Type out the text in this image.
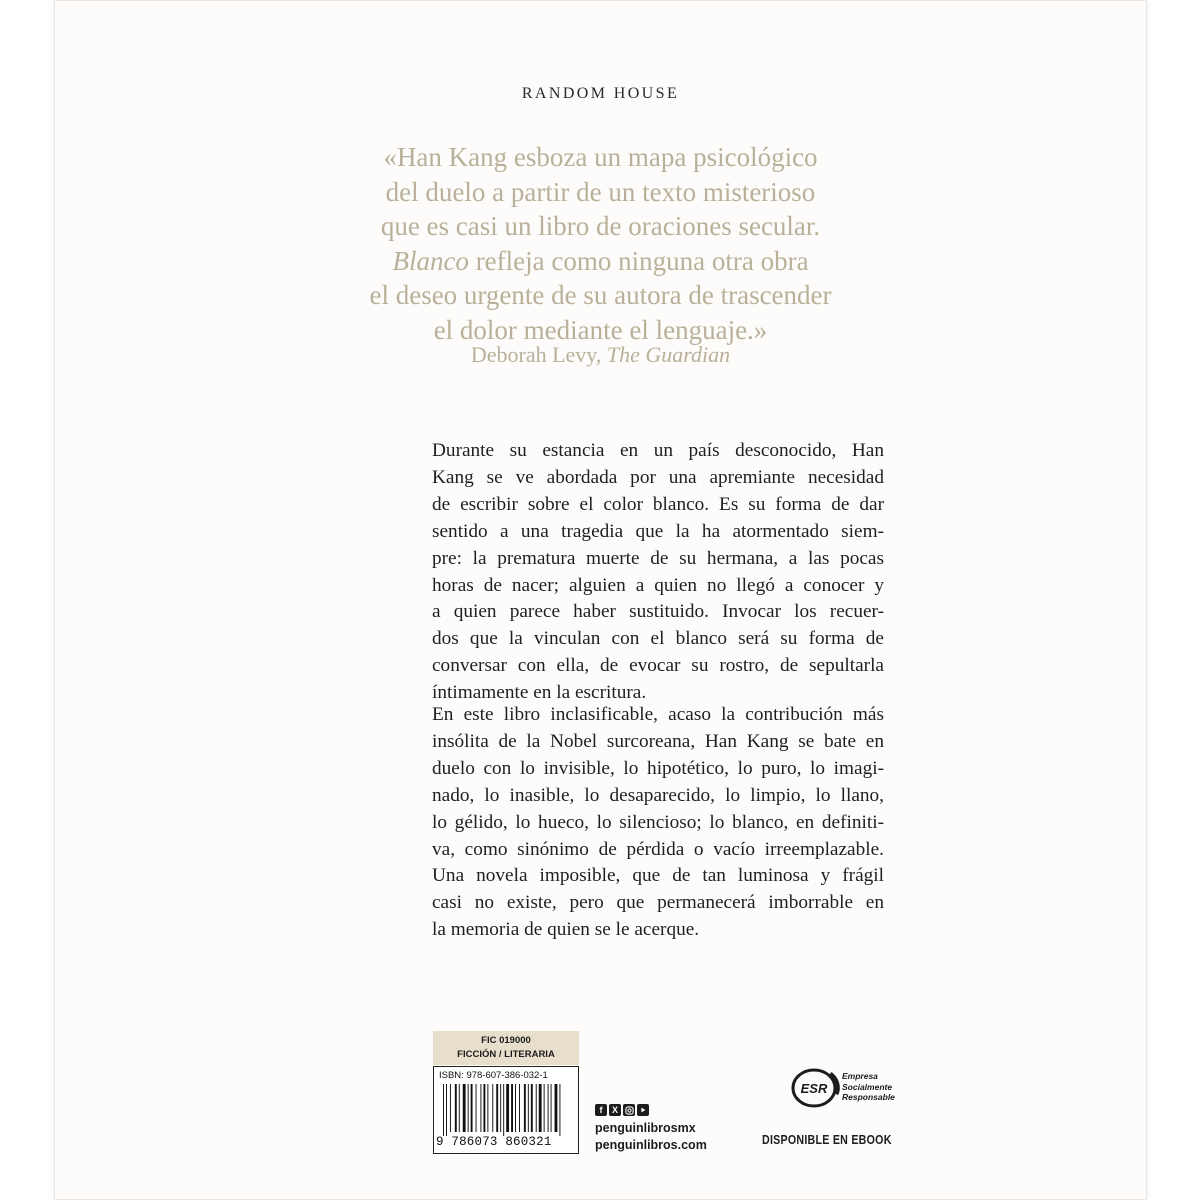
RANDOM HOUSE
«Han Kang esboza un mapa psicológico
del duelo a partir de un texto misterioso
que es casi un libro de oraciones secular.
Blanco refleja como ninguna otra obra
el deseo urgente de su autora de trascender
el dolor mediante el lenguaje.»
Deborah Levy, The Guardian
Durante su estancia en un país desconocido, Han
Kang se ve abordada por una apremiante necesidad
de escribir sobre el color blanco. Es su forma de dar
sentido a una tragedia que la ha atormentado siem-
pre: la prematura muerte de su hermana, a las pocas
horas de nacer; alguien a quien no llegó a conocer y
a quien parece haber sustituido. Invocar los recuer-
dos que la vinculan con el blanco será su forma de
conversar con ella, de evocar su rostro, de sepultarla
íntimamente en la escritura.
En este libro inclasificable, acaso la contribución más
insólita de la Nobel surcoreana, Han Kang se bate en
duelo con lo invisible, lo hipotético, lo puro, lo imagi-
nado, lo inasible, lo desaparecido, lo limpio, lo llano,
lo gélido, lo hueco, lo silencioso; lo blanco, en definiti-
va, como sinónimo de pérdida o vacío irreemplazable.
Una novela imposible, que de tan luminosa y frágil
casi no existe, pero que permanecerá imborrable en
la memoria de quien se le acerque.
FIC 019000
FICCIÓN / LITERARIA
ISBN: 978-607-386-032-1
9 786073 860321
f	X
penguinlibrosmx
penguinlibros.com
ESR
Empresa
Socialmente
Responsable
DISPONIBLE EN EBOOK
